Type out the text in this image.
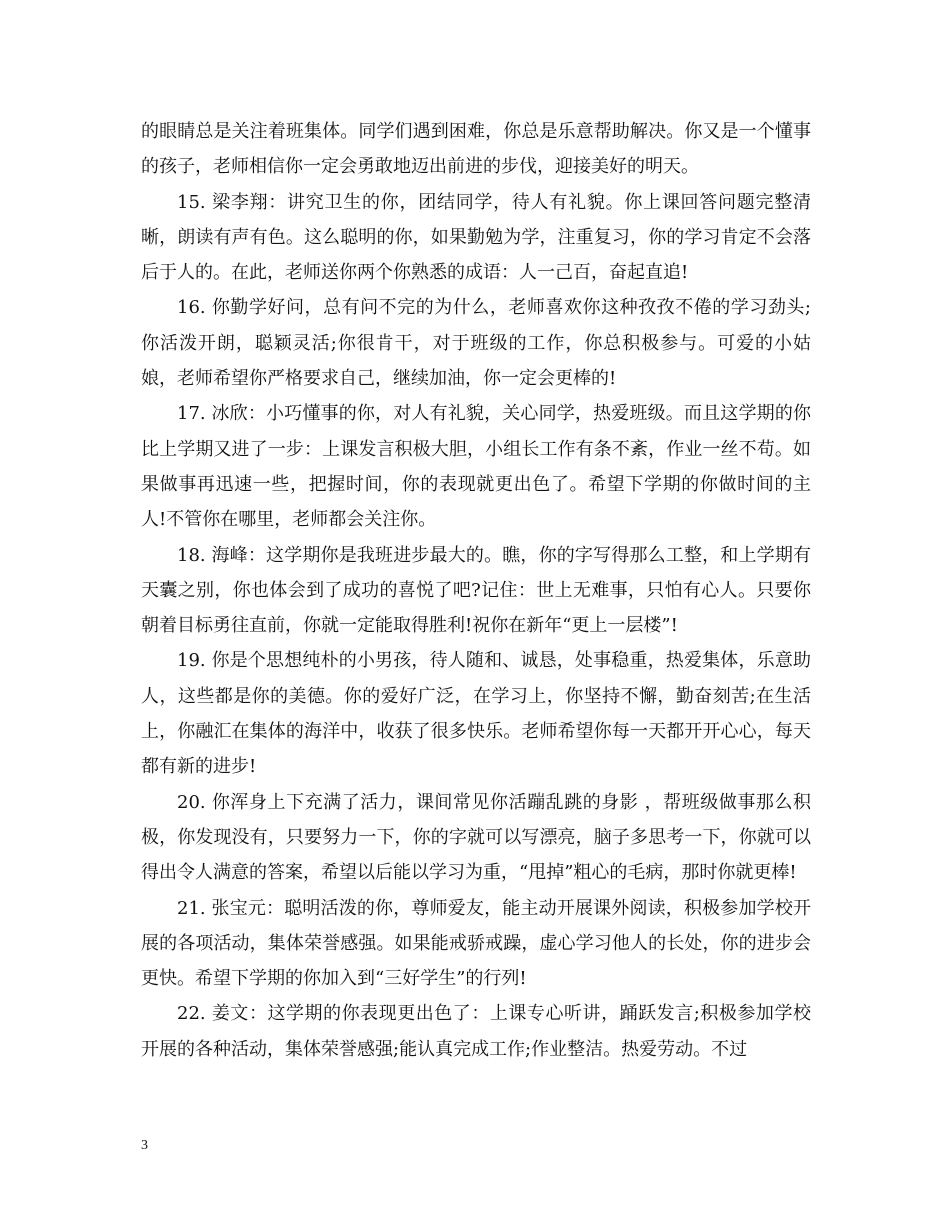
的眼睛总是关注着班集体。同学们遇到困难，你总是乐意帮助解决。你又是一个懂事的孩子，老师相信你一定会勇敢地迈出前进的步伐，迎接美好的明天。

15. 梁李翔：讲究卫生的你，团结同学，待人有礼貌。你上课回答问题完整清晰，朗读有声有色。这么聪明的你，如果勤勉为学，注重复习，你的学习肯定不会落后于人的。在此，老师送你两个你熟悉的成语：人一己百，奋起直追!

16. 你勤学好问，总有问不完的为什么，老师喜欢你这种孜孜不倦的学习劲头;你活泼开朗，聪颖灵活;你很肯干，对于班级的工作，你总积极参与。可爱的小姑娘，老师希望你严格要求自己，继续加油，你一定会更棒的!

17. 冰欣：小巧懂事的你，对人有礼貌，关心同学，热爱班级。而且这学期的你比上学期又进了一步：上课发言积极大胆，小组长工作有条不紊，作业一丝不苟。如果做事再迅速一些，把握时间，你的表现就更出色了。希望下学期的你做时间的主人!不管你在哪里，老师都会关注你。

18. 海峰：这学期你是我班进步最大的。瞧，你的字写得那么工整，和上学期有天囊之别，你也体会到了成功的喜悦了吧?记住：世上无难事，只怕有心人。只要你朝着目标勇往直前，你就一定能取得胜利!祝你在新年“更上一层楼”!

19. 你是个思想纯朴的小男孩，待人随和、诚恳，处事稳重，热爱集体，乐意助人，这些都是你的美德。你的爱好广泛，在学习上，你坚持不懈，勤奋刻苦;在生活上，你融汇在集体的海洋中，收获了很多快乐。老师希望你每一天都开开心心，每天都有新的进步!

20. 你浑身上下充满了活力，课间常见你活蹦乱跳的身影 ，帮班级做事那么积极，你发现没有，只要努力一下，你的字就可以写漂亮，脑子多思考一下，你就可以得出令人满意的答案，希望以后能以学习为重，“甩掉”粗心的毛病，那时你就更棒!

21. 张宝元：聪明活泼的你，尊师爱友，能主动开展课外阅读，积极参加学校开展的各项活动，集体荣誉感强。如果能戒骄戒躁，虚心学习他人的长处，你的进步会更快。希望下学期的你加入到“三好学生”的行列!

22. 姜文：这学期的你表现更出色了：上课专心听讲，踊跃发言;积极参加学校开展的各种活动，集体荣誉感强;能认真完成工作;作业整洁。热爱劳动。不过

3
